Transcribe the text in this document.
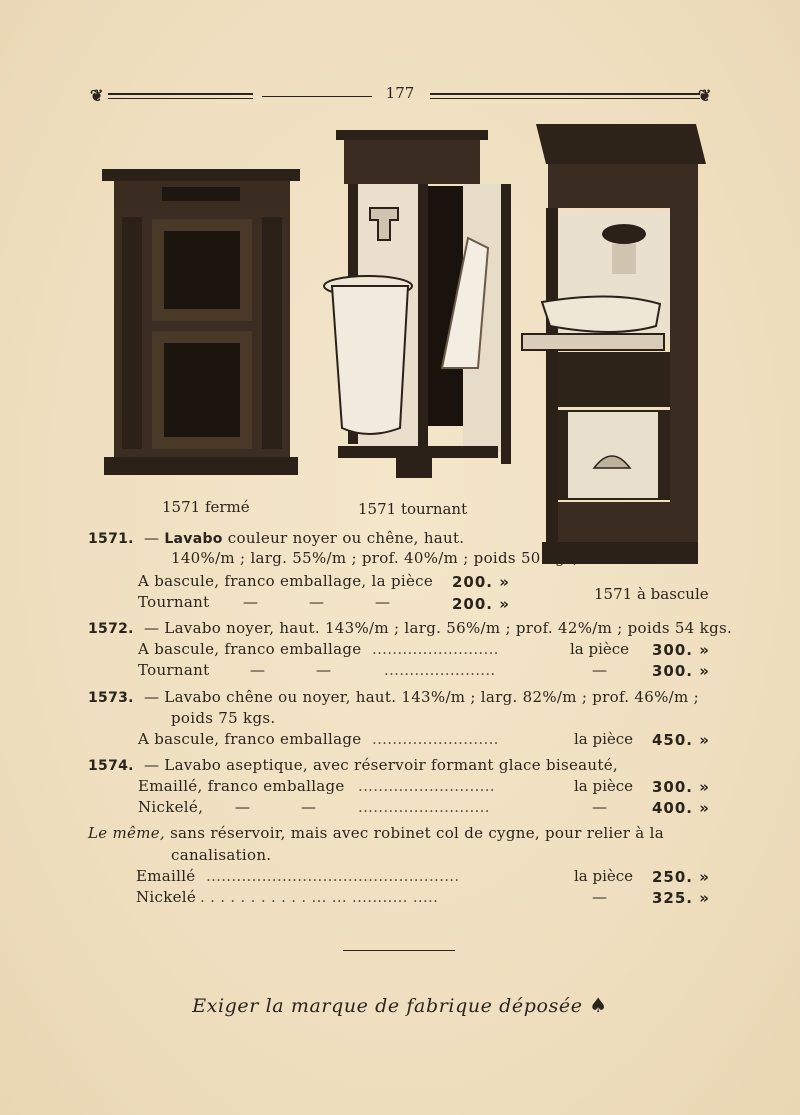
❦	177	❦
1571 fermé	1571 tournant
1571 à bascule
1571. — Lavabo couleur noyer ou chêne, haut.
140%/m ; larg. 55%/m ; prof. 40%/m ; poids 50 kgs,
A bascule, franco emballage, la pièce 200. »
Tournant —          —          —	200. »
1572. — Lavabo noyer, haut. 143%/m ; larg. 56%/m ; prof. 42%/m ; poids 54 kgs.
A bascule, franco emballage .........................	la pièce 300. »
Tournant	—          —	......................	—	300. »
1573. — Lavabo chêne ou noyer, haut. 143%/m ; larg. 82%/m ; prof. 46%/m ;
poids 75 kgs.
A bascule, franco emballage .........................	la pièce 450. »
1574. — Lavabo aseptique, avec réservoir formant glace biseauté,
Emaillé, franco emballage ...........................	la pièce 300. »
Nickelé, —          —	..........................	—	400. »
Le même, sans réservoir, mais avec robinet col de cygne, pour relier à la
canalisation.
Emaillé ..................................................	la pièce 250. »
Nickelé . . . . . . . . . . . ... ... ........... .....	—	325. »
Exiger la marque de fabrique déposée ♠
